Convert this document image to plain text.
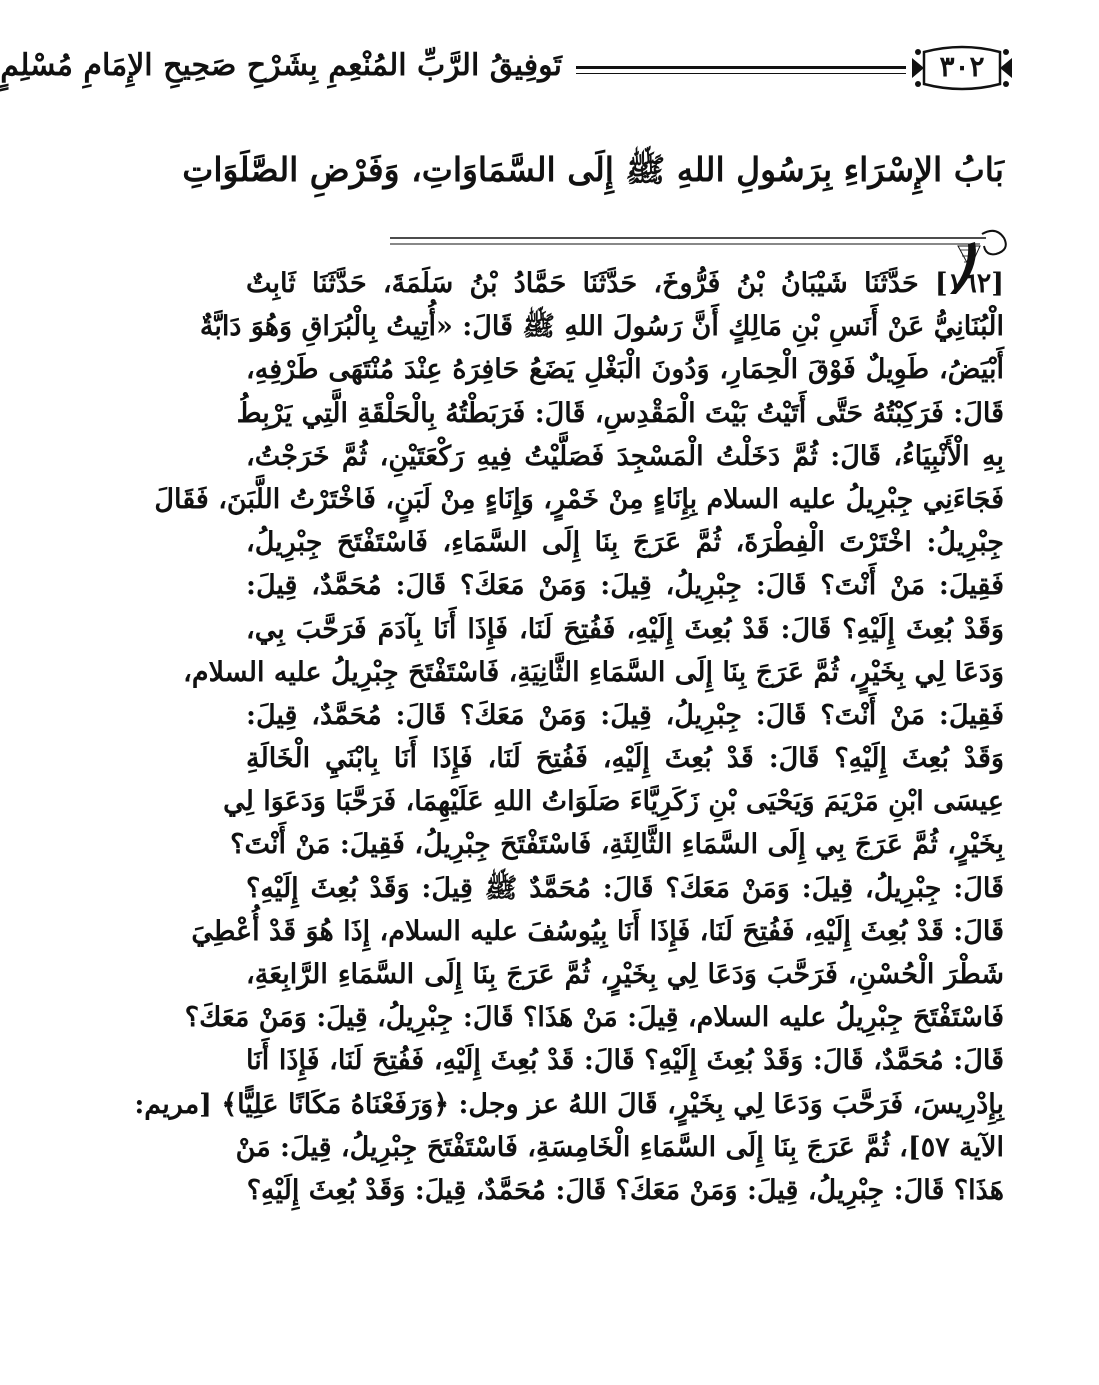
تَوفِيقُ الرَّبِّ المُنْعِمِ بِشَرْحِ صَحِيحِ الإِمَامِ مُسْلِمٍ	٣٠٢
بَابُ الإِسْرَاءِ بِرَسُولِ اللهِ ﷺ إِلَى السَّمَاوَاتِ، وَفَرْضِ الصَّلَوَاتِ
[١٦٢] حَدَّثَنَا شَيْبَانُ بْنُ فَرُّوخَ، حَدَّثَنَا حَمَّادُ بْنُ سَلَمَةَ، حَدَّثَنَا ثَابِتٌ
الْبُنَانِيُّ عَنْ أَنَسِ بْنِ مَالِكٍ أَنَّ رَسُولَ اللهِ ﷺ قَالَ: «أُتِيتُ بِالْبُرَاقِ وَهُوَ دَابَّةٌ
أَبْيَضُ، طَوِيلٌ فَوْقَ الْحِمَارِ، وَدُونَ الْبَغْلِ يَضَعُ حَافِرَهُ عِنْدَ مُنْتَهَى طَرْفِهِ،
قَالَ: فَرَكِبْتُهُ حَتَّى أَتَيْتُ بَيْتَ الْمَقْدِسِ، قَالَ: فَرَبَطْتُهُ بِالْحَلْقَةِ الَّتِي يَرْبِطُ
بِهِ الْأَنْبِيَاءُ، قَالَ: ثُمَّ دَخَلْتُ الْمَسْجِدَ فَصَلَّيْتُ فِيهِ رَكْعَتَيْنِ، ثُمَّ خَرَجْتُ،
فَجَاءَنِي جِبْرِيلُ عليه السلام بِإِنَاءٍ مِنْ خَمْرٍ، وَإِنَاءٍ مِنْ لَبَنٍ، فَاخْتَرْتُ اللَّبَنَ، فَقَالَ
جِبْرِيلُ: اخْتَرْتَ الْفِطْرَةَ، ثُمَّ عَرَجَ بِنَا إِلَى السَّمَاءِ، فَاسْتَفْتَحَ جِبْرِيلُ،
فَقِيلَ: مَنْ أَنْتَ؟ قَالَ: جِبْرِيلُ، قِيلَ: وَمَنْ مَعَكَ؟ قَالَ: مُحَمَّدٌ، قِيلَ:
وَقَدْ بُعِثَ إِلَيْهِ؟ قَالَ: قَدْ بُعِثَ إِلَيْهِ، فَفُتِحَ لَنَا، فَإِذَا أَنَا بِآدَمَ فَرَحَّبَ بِي،
وَدَعَا لِي بِخَيْرٍ، ثُمَّ عَرَجَ بِنَا إِلَى السَّمَاءِ الثَّانِيَةِ، فَاسْتَفْتَحَ جِبْرِيلُ عليه السلام،
فَقِيلَ: مَنْ أَنْتَ؟ قَالَ: جِبْرِيلُ، قِيلَ: وَمَنْ مَعَكَ؟ قَالَ: مُحَمَّدٌ، قِيلَ:
وَقَدْ بُعِثَ إِلَيْهِ؟ قَالَ: قَدْ بُعِثَ إِلَيْهِ، فَفُتِحَ لَنَا، فَإِذَا أَنَا بِابْنَيِ الْخَالَةِ
عِيسَى ابْنِ مَرْيَمَ وَيَحْيَى بْنِ زَكَرِيَّاءَ صَلَوَاتُ اللهِ عَلَيْهِمَا، فَرَحَّبَا وَدَعَوَا لِي
بِخَيْرٍ، ثُمَّ عَرَجَ بِي إِلَى السَّمَاءِ الثَّالِثَةِ، فَاسْتَفْتَحَ جِبْرِيلُ، فَقِيلَ: مَنْ أَنْتَ؟
قَالَ: جِبْرِيلُ، قِيلَ: وَمَنْ مَعَكَ؟ قَالَ: مُحَمَّدٌ ﷺ قِيلَ: وَقَدْ بُعِثَ إِلَيْهِ؟
قَالَ: قَدْ بُعِثَ إِلَيْهِ، فَفُتِحَ لَنَا، فَإِذَا أَنَا بِيُوسُفَ عليه السلام، إِذَا هُوَ قَدْ أُعْطِيَ
شَطْرَ الْحُسْنِ، فَرَحَّبَ وَدَعَا لِي بِخَيْرٍ، ثُمَّ عَرَجَ بِنَا إِلَى السَّمَاءِ الرَّابِعَةِ،
فَاسْتَفْتَحَ جِبْرِيلُ عليه السلام، قِيلَ: مَنْ هَذَا؟ قَالَ: جِبْرِيلُ، قِيلَ: وَمَنْ مَعَكَ؟
قَالَ: مُحَمَّدٌ، قَالَ: وَقَدْ بُعِثَ إِلَيْهِ؟ قَالَ: قَدْ بُعِثَ إِلَيْهِ، فَفُتِحَ لَنَا، فَإِذَا أَنَا
بِإِدْرِيسَ، فَرَحَّبَ وَدَعَا لِي بِخَيْرٍ، قَالَ اللهُ عز وجل: ﴿وَرَفَعْنَاهُ مَكَانًا عَلِيًّا﴾ [مريم:
الآية ٥٧]، ثُمَّ عَرَجَ بِنَا إِلَى السَّمَاءِ الْخَامِسَةِ، فَاسْتَفْتَحَ جِبْرِيلُ، قِيلَ: مَنْ
هَذَا؟ قَالَ: جِبْرِيلُ، قِيلَ: وَمَنْ مَعَكَ؟ قَالَ: مُحَمَّدٌ، قِيلَ: وَقَدْ بُعِثَ إِلَيْهِ؟
